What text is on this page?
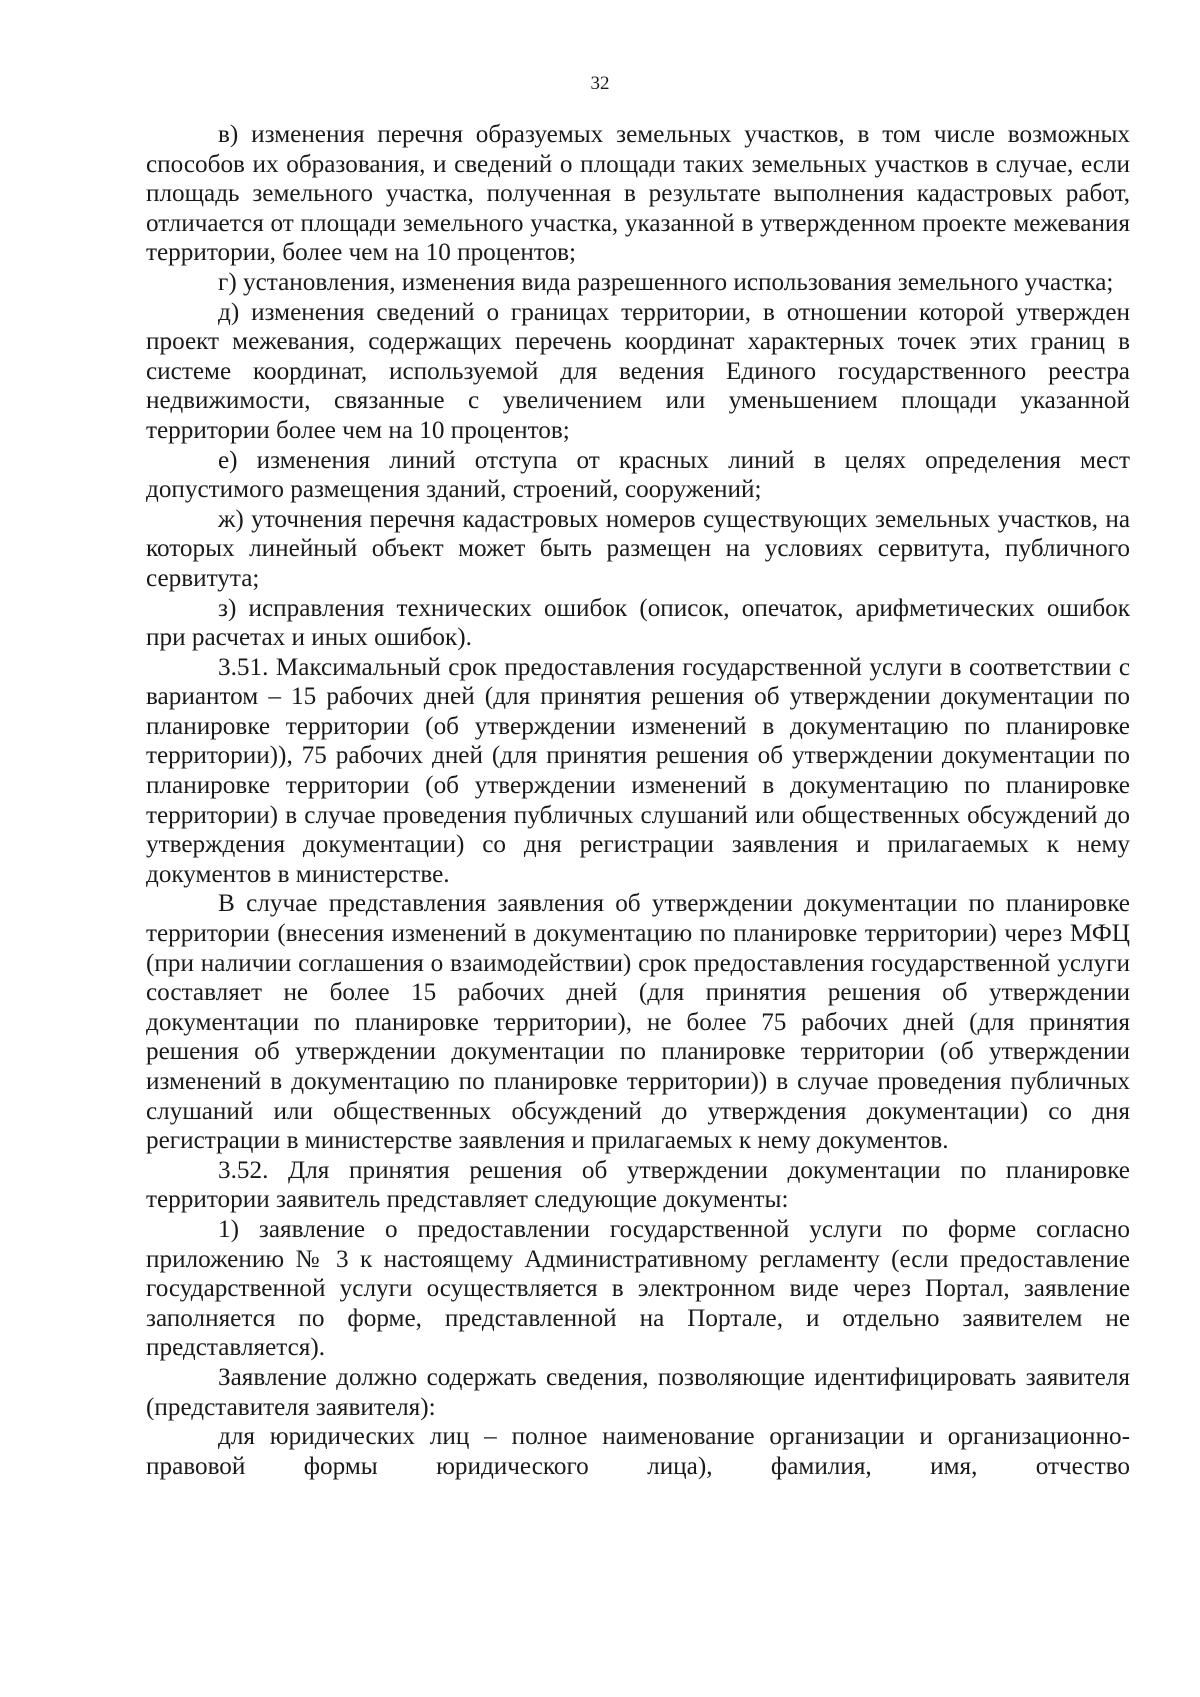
32

в) изменения перечня образуемых земельных участков, в том числе возможных способов их образования, и сведений о площади таких земельных участков в случае, если площадь земельного участка, полученная в результате выполнения кадастровых работ, отличается от площади земельного участка, указанной в утвержденном проекте межевания территории, более чем на 10 процентов;

г) установления, изменения вида разрешенного использования земельного участка;

д) изменения сведений о границах территории, в отношении которой утвержден проект межевания, содержащих перечень координат характерных точек этих границ в системе координат, используемой для ведения Единого государственного реестра недвижимости, связанные с увеличением или уменьшением площади указанной территории более чем на 10 процентов;

е) изменения линий отступа от красных линий в целях определения мест допустимого размещения зданий, строений, сооружений;

ж) уточнения перечня кадастровых номеров существующих земельных участков, на которых линейный объект может быть размещен на условиях сервитута, публичного сервитута;

з) исправления технических ошибок (описок, опечаток, арифметических ошибок при расчетах и иных ошибок).

3.51. Максимальный срок предоставления государственной услуги в соответствии с вариантом – 15 рабочих дней (для принятия решения об утверждении документации по планировке территории (об утверждении изменений в документацию по планировке территории)), 75 рабочих дней (для принятия решения об утверждении документации по планировке территории (об утверждении изменений в документацию по планировке территории) в случае проведения публичных слушаний или общественных обсуждений до утверждения документации) со дня регистрации заявления и прилагаемых к нему документов в министерстве.

В случае представления заявления об утверждении документации по планировке территории (внесения изменений в документацию по планировке территории) через МФЦ (при наличии соглашения о взаимодействии) срок предоставления государственной услуги составляет не более 15 рабочих дней (для принятия решения об утверждении документации по планировке территории), не более 75 рабочих дней (для принятия решения об утверждении документации по планировке территории (об утверждении изменений в документацию по планировке территории)) в случае проведения публичных слушаний или общественных обсуждений до утверждения документации) со дня регистрации в министерстве заявления и прилагаемых к нему документов.

3.52. Для принятия решения об утверждении документации по планировке территории заявитель представляет следующие документы:

1) заявление о предоставлении государственной услуги по форме согласно приложению № 3 к настоящему Административному регламенту (если предоставление государственной услуги осуществляется в электронном виде через Портал, заявление заполняется по форме, представленной на Портале, и отдельно заявителем не представляется).

Заявление должно содержать сведения, позволяющие идентифицировать заявителя (представителя заявителя):

для юридических лиц – полное наименование организации и организационно-правовой формы юридического лица), фамилия, имя, отчество
